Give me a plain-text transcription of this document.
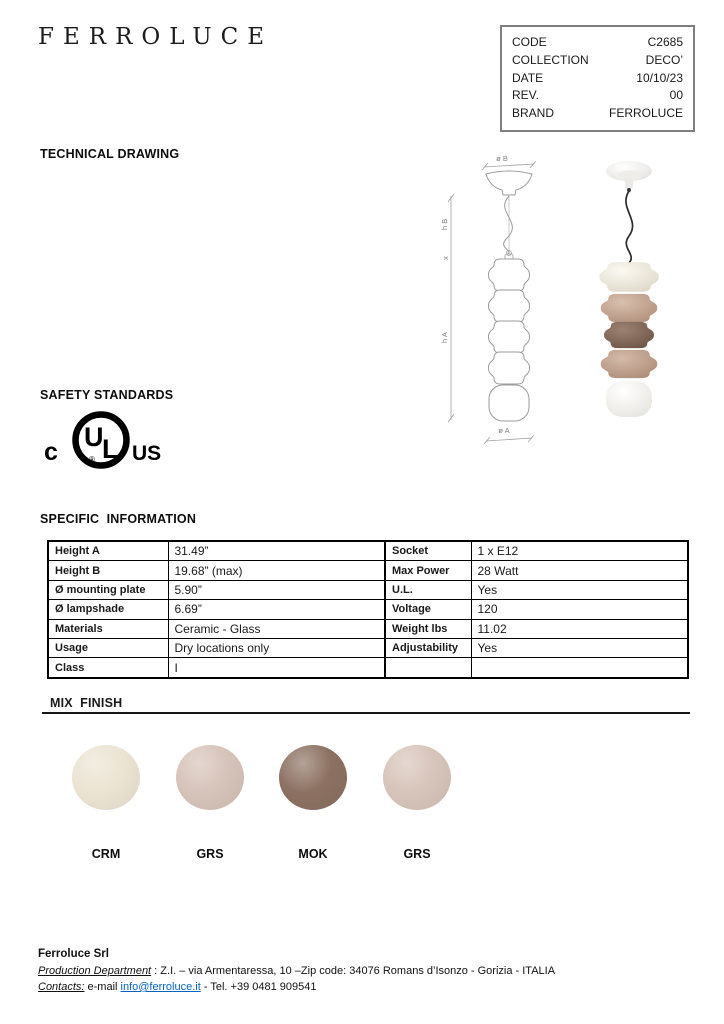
FERROLUCE	CODE	C2685
COLLECTION	DECO’
DATE	10/10/23
REV.	00
BRAND	FERROLUCE
TECHNICAL DRAWING	ø B
h B
x
h A
ø A
SAFETY STANDARDS
U
L
®
c	US
SPECIFIC  INFORMATION
Height A	31.49”	Socket	1 x E12
Height B	19.68” (max)	Max Power	28 Watt
Ø mounting plate	5.90”	U.L.	Yes
Ø lampshade	6.69”	Voltage	120
Materials	Ceramic - Glass	Weight lbs	11.02
Usage	Dry locations only	Adjustability	Yes
Class	I		
MIX  FINISH
CRM	GRS	MOK	GRS
Ferroluce Srl
Production Department : Z.I. – via Armentaressa, 10 –Zip code: 34076 Romans d’Isonzo - Gorizia - ITALIA
Contacts: e-mail info@ferroluce.it - Tel. +39 0481 909541
